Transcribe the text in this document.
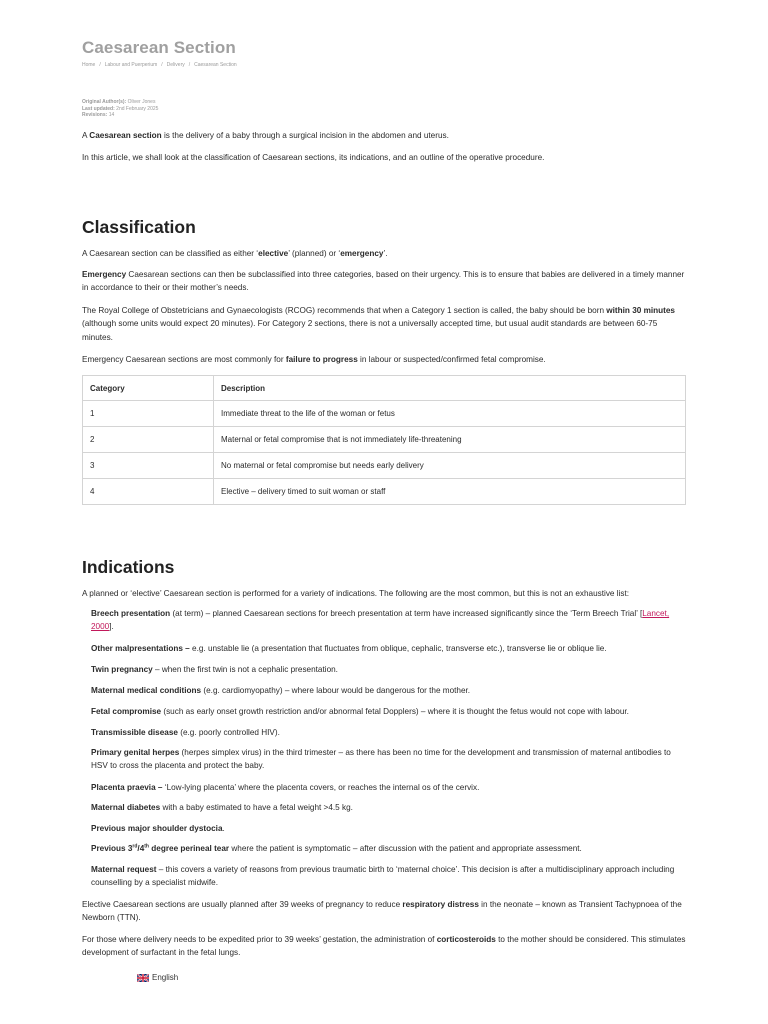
Caesarean Section
Home / Labour and Puerperium / Delivery / Caesarean Section
Original Author(s): Oliver Jones
Last updated: 2nd February 2025
Revisions: 14

A Caesarean section is the delivery of a baby through a surgical incision in the abdomen and uterus.

In this article, we shall look at the classification of Caesarean sections, its indications, and an outline of the operative procedure.

Classification

A Caesarean section can be classified as either ‘elective’ (planned) or ‘emergency’.

Emergency Caesarean sections can then be subclassified into three categories, based on their urgency. This is to ensure that babies are delivered in a timely manner in accordance to their or their mother’s needs.

The Royal College of Obstetricians and Gynaecologists (RCOG) recommends that when a Category 1 section is called, the baby should be born within 30 minutes (although some units would expect 20 minutes). For Category 2 sections, there is not a universally accepted time, but usual audit standards are between 60-75 minutes.

Emergency Caesarean sections are most commonly for failure to progress in labour or suspected/confirmed fetal compromise.

Category	Description
1	Immediate threat to the life of the woman or fetus
2	Maternal or fetal compromise that is not immediately life-threatening
3	No maternal or fetal compromise but needs early delivery
4	Elective – delivery timed to suit woman or staff
Indications

A planned or ‘elective’ Caesarean section is performed for a variety of indications. The following are the most common, but this is not an exhaustive list:

Breech presentation (at term) – planned Caesarean sections for breech presentation at term have increased significantly since the ‘Term Breech Trial’ [Lancet, 2000].

Other malpresentations – e.g. unstable lie (a presentation that fluctuates from oblique, cephalic, transverse etc.), transverse lie or oblique lie.

Twin pregnancy – when the first twin is not a cephalic presentation.

Maternal medical conditions (e.g. cardiomyopathy) – where labour would be dangerous for the mother.

Fetal compromise (such as early onset growth restriction and/or abnormal fetal Dopplers) – where it is thought the fetus would not cope with labour.

Transmissible disease (e.g. poorly controlled HIV).

Primary genital herpes (herpes simplex virus) in the third trimester – as there has been no time for the development and transmission of maternal antibodies to HSV to cross the placenta and protect the baby.

Placenta praevia – ‘Low-lying placenta’ where the placenta covers, or reaches the internal os of the cervix.

Maternal diabetes with a baby estimated to have a fetal weight >4.5 kg.

Previous major shoulder dystocia.

Previous 3rd/4th degree perineal tear where the patient is symptomatic – after discussion with the patient and appropriate assessment.

Maternal request – this covers a variety of reasons from previous traumatic birth to ‘maternal choice’. This decision is after a multidisciplinary approach including counselling by a specialist midwife.

Elective Caesarean sections are usually planned after 39 weeks of pregnancy to reduce respiratory distress in the neonate – known as Transient Tachypnoea of the Newborn (TTN).

For those where delivery needs to be expedited prior to 39 weeks’ gestation, the administration of corticosteroids to the mother should be considered. This stimulates development of surfactant in the fetal lungs.

English
